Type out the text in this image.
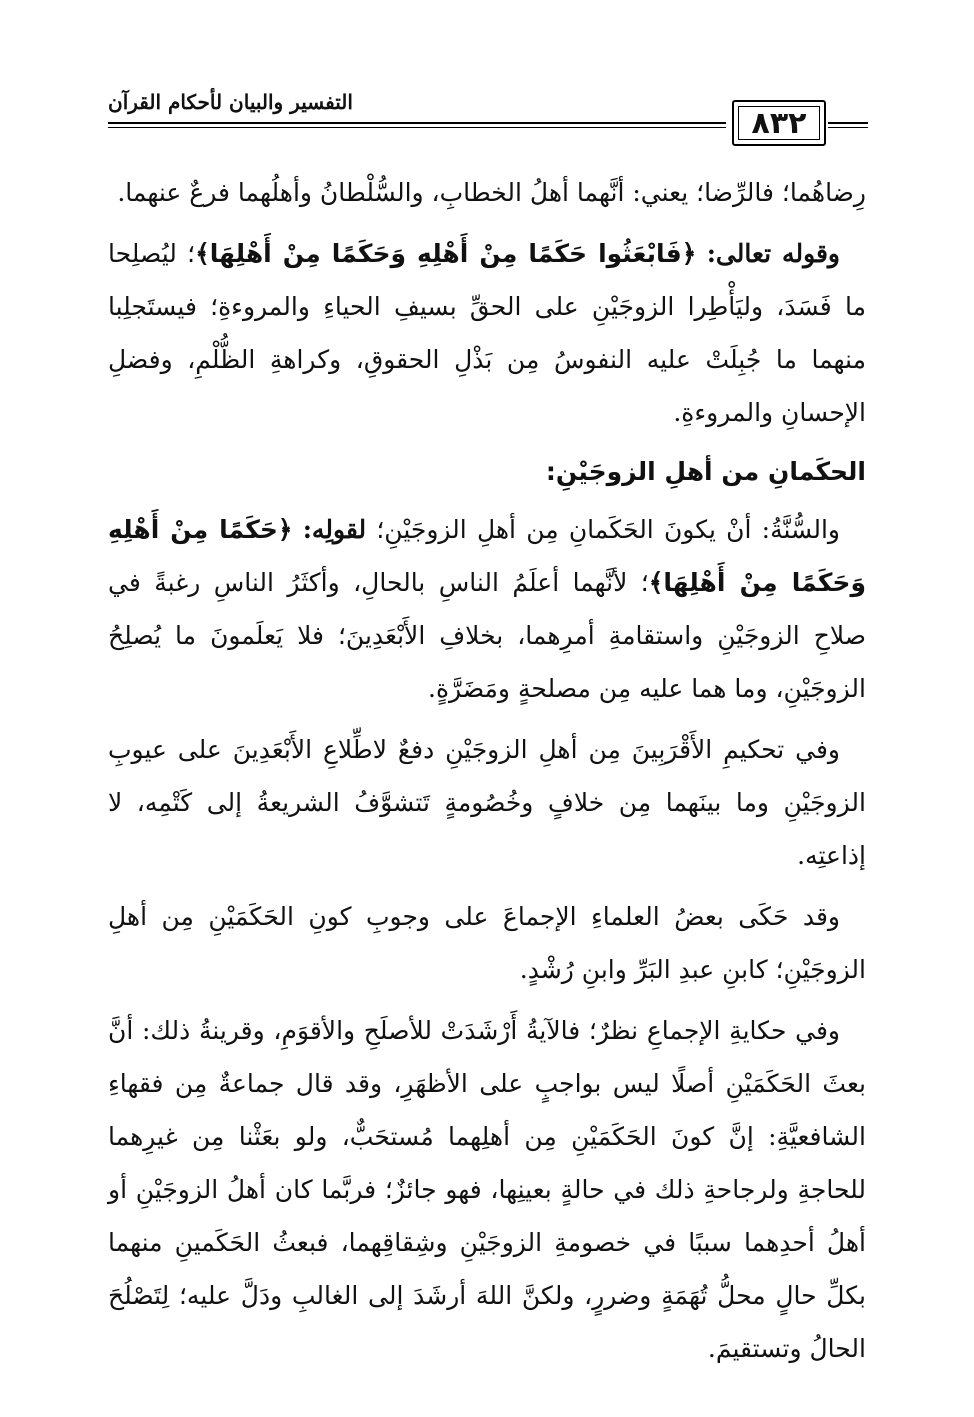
التفسير والبيان لأحكام القرآن
٨٣٢

رِضاهُما؛ فالرِّضا؛ يعني: أنَّهما أهلُ الخطابِ، والسُّلْطانُ وأهلُهما فرعٌ عنهما.

وقوله تعالى: ﴿فَابْعَثُوا حَكَمًا مِنْ أَهْلِهِ وَحَكَمًا مِنْ أَهْلِهَا﴾؛ ليُصلِحا ما فَسَدَ، وليَأْطِرا الزوجَيْنِ على الحقِّ بسيفِ الحياءِ والمروءةِ؛ فيستَجلِبا منهما ما جُبِلَتْ عليه النفوسُ مِن بَذْلِ الحقوقِ، وكراهةِ الظُّلْمِ، وفضلِ الإحسانِ والمروءةِ.

الحكَمانِ من أهلِ الزوجَيْنِ:

والسُّنَّةُ: أنْ يكونَ الحَكَمانِ مِن أهلِ الزوجَيْنِ؛ لقولِه: ﴿حَكَمًا مِنْ أَهْلِهِ وَحَكَمًا مِنْ أَهْلِهَا﴾؛ لأنَّهما أعلَمُ الناسِ بالحالِ، وأكثَرُ الناسِ رغبةً في صلاحِ الزوجَيْنِ واستقامةِ أمرِهما، بخلافِ الأَبْعَدِينَ؛ فلا يَعلَمونَ ما يُصلِحُ الزوجَيْنِ، وما هما عليه مِن مصلحةٍ ومَضَرَّةٍ.

وفي تحكيمِ الأَقْرَبِينَ مِن أهلِ الزوجَيْنِ دفعٌ لاطِّلاعِ الأَبْعَدِينَ على عيوبِ الزوجَيْنِ وما بينَهما مِن خلافٍ وخُصُومةٍ تَتشوَّفُ الشريعةُ إلى كَتْمِه، لا إذاعتِه.

وقد حَكَى بعضُ العلماءِ الإجماعَ على وجوبِ كونِ الحَكَمَيْنِ مِن أهلِ الزوجَيْنِ؛ كابنِ عبدِ البَرِّ وابنِ رُشْدٍ.

وفي حكايةِ الإجماعِ نظرٌ؛ فالآيةُ أَرْشَدَتْ للأصلَحِ والأقوَمِ، وقرينةُ ذلك: أنَّ بعثَ الحَكَمَيْنِ أصلًا ليس بواجبٍ على الأظهَرِ، وقد قال جماعةٌ مِن فقهاءِ الشافعيَّةِ: إنَّ كونَ الحَكَمَيْنِ مِن أهلِهما مُستحَبٌّ، ولو بعَثْنا مِن غيرِهما للحاجةِ ولرجاحةِ ذلك في حالةٍ بعينِها، فهو جائزٌ؛ فربَّما كان أهلُ الزوجَيْنِ أو أهلُ أحدِهما سببًا في خصومةِ الزوجَيْنِ وشِقاقِهما، فبعثُ الحَكَمينِ منهما بكلِّ حالٍ محلُّ تُهَمَةٍ وضررٍ، ولكنَّ اللهَ أرشَدَ إلى الغالبِ ودَلَّ عليه؛ لِتَصْلُحَ الحالُ وتستقيمَ.
